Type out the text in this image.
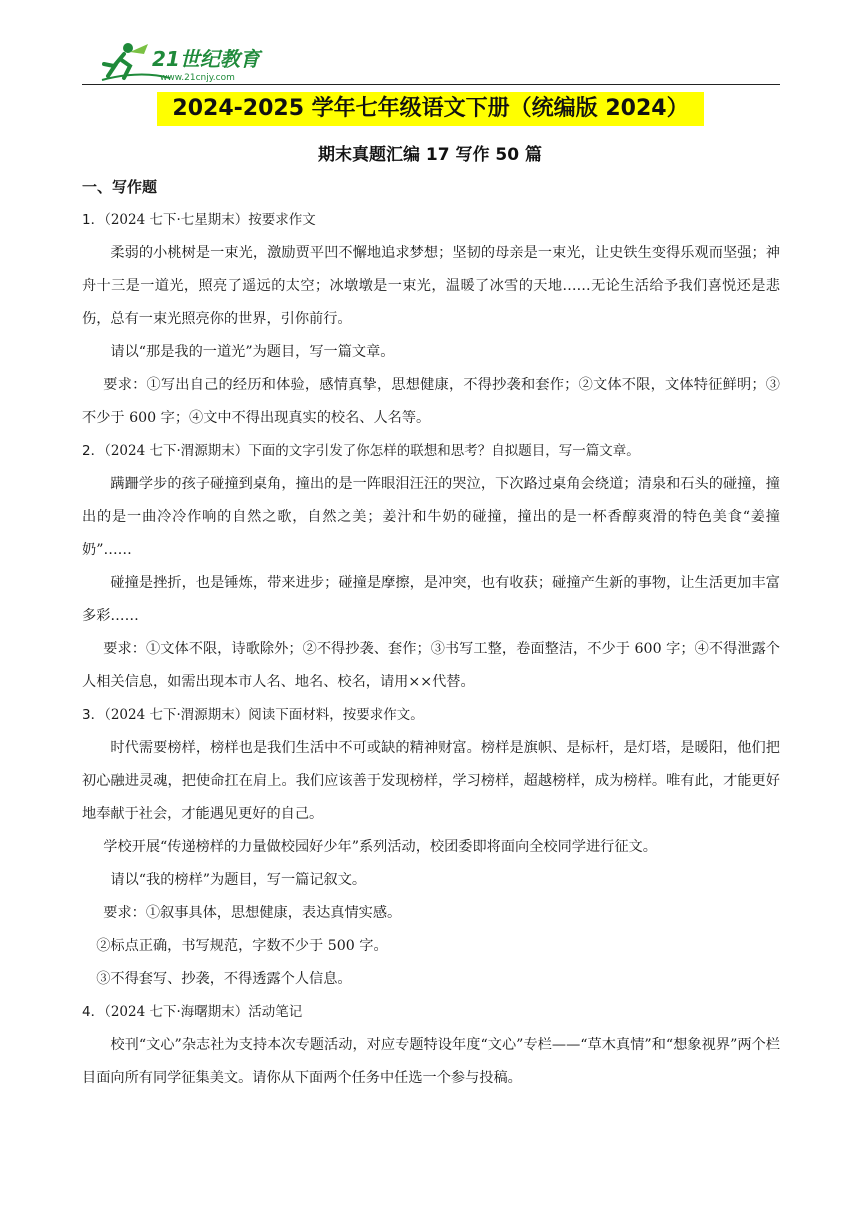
21世纪教育
www.21cnjy.com
2024-2025 学年七年级语文下册（统编版 2024）
期末真题汇编 17 写作 50 篇
一、写作题

1．（2024 七下·七星期末）按要求作文

柔弱的小桃树是一束光，激励贾平凹不懈地追求梦想；坚韧的母亲是一束光，让史铁生变得乐观而坚强；神舟十三是一道光，照亮了遥远的太空；冰墩墩是一束光，温暖了冰雪的天地……无论生活给予我们喜悦还是悲伤，总有一束光照亮你的世界，引你前行。

请以“那是我的一道光”为题目，写一篇文章。

要求：①写出自己的经历和体验，感情真挚，思想健康，不得抄袭和套作；②文体不限，文体特征鲜明；③不少于 600 字；④文中不得出现真实的校名、人名等。

2．（2024 七下·渭源期末）下面的文字引发了你怎样的联想和思考？自拟题目，写一篇文章。

蹒跚学步的孩子碰撞到桌角，撞出的是一阵眼泪汪汪的哭泣，下次路过桌角会绕道；清泉和石头的碰撞，撞出的是一曲冷冷作响的自然之歌，自然之美；姜汁和牛奶的碰撞，撞出的是一杯香醇爽滑的特色美食“姜撞奶”……

碰撞是挫折，也是锤炼，带来进步；碰撞是摩擦，是冲突，也有收获；碰撞产生新的事物，让生活更加丰富多彩……

要求：①文体不限，诗歌除外；②不得抄袭、套作；③书写工整，卷面整洁，不少于 600 字；④不得泄露个人相关信息，如需出现本市人名、地名、校名，请用××代替。

3．（2024 七下·渭源期末）阅读下面材料，按要求作文。

时代需要榜样，榜样也是我们生活中不可或缺的精神财富。榜样是旗帜、是标杆，是灯塔，是暖阳，他们把初心融进灵魂，把使命扛在肩上。我们应该善于发现榜样，学习榜样，超越榜样，成为榜样。唯有此，才能更好地奉献于社会，才能遇见更好的自己。

学校开展“传递榜样的力量做校园好少年”系列活动，校团委即将面向全校同学进行征文。

请以“我的榜样”为题目，写一篇记叙文。

要求：①叙事具体，思想健康，表达真情实感。

②标点正确，书写规范，字数不少于 500 字。

③不得套写、抄袭，不得透露个人信息。

4．（2024 七下·海曙期末）活动笔记

校刊“文心”杂志社为支持本次专题活动，对应专题特设年度“文心”专栏——“草木真情”和“想象视界”两个栏目面向所有同学征集美文。请你从下面两个任务中任选一个参与投稿。
